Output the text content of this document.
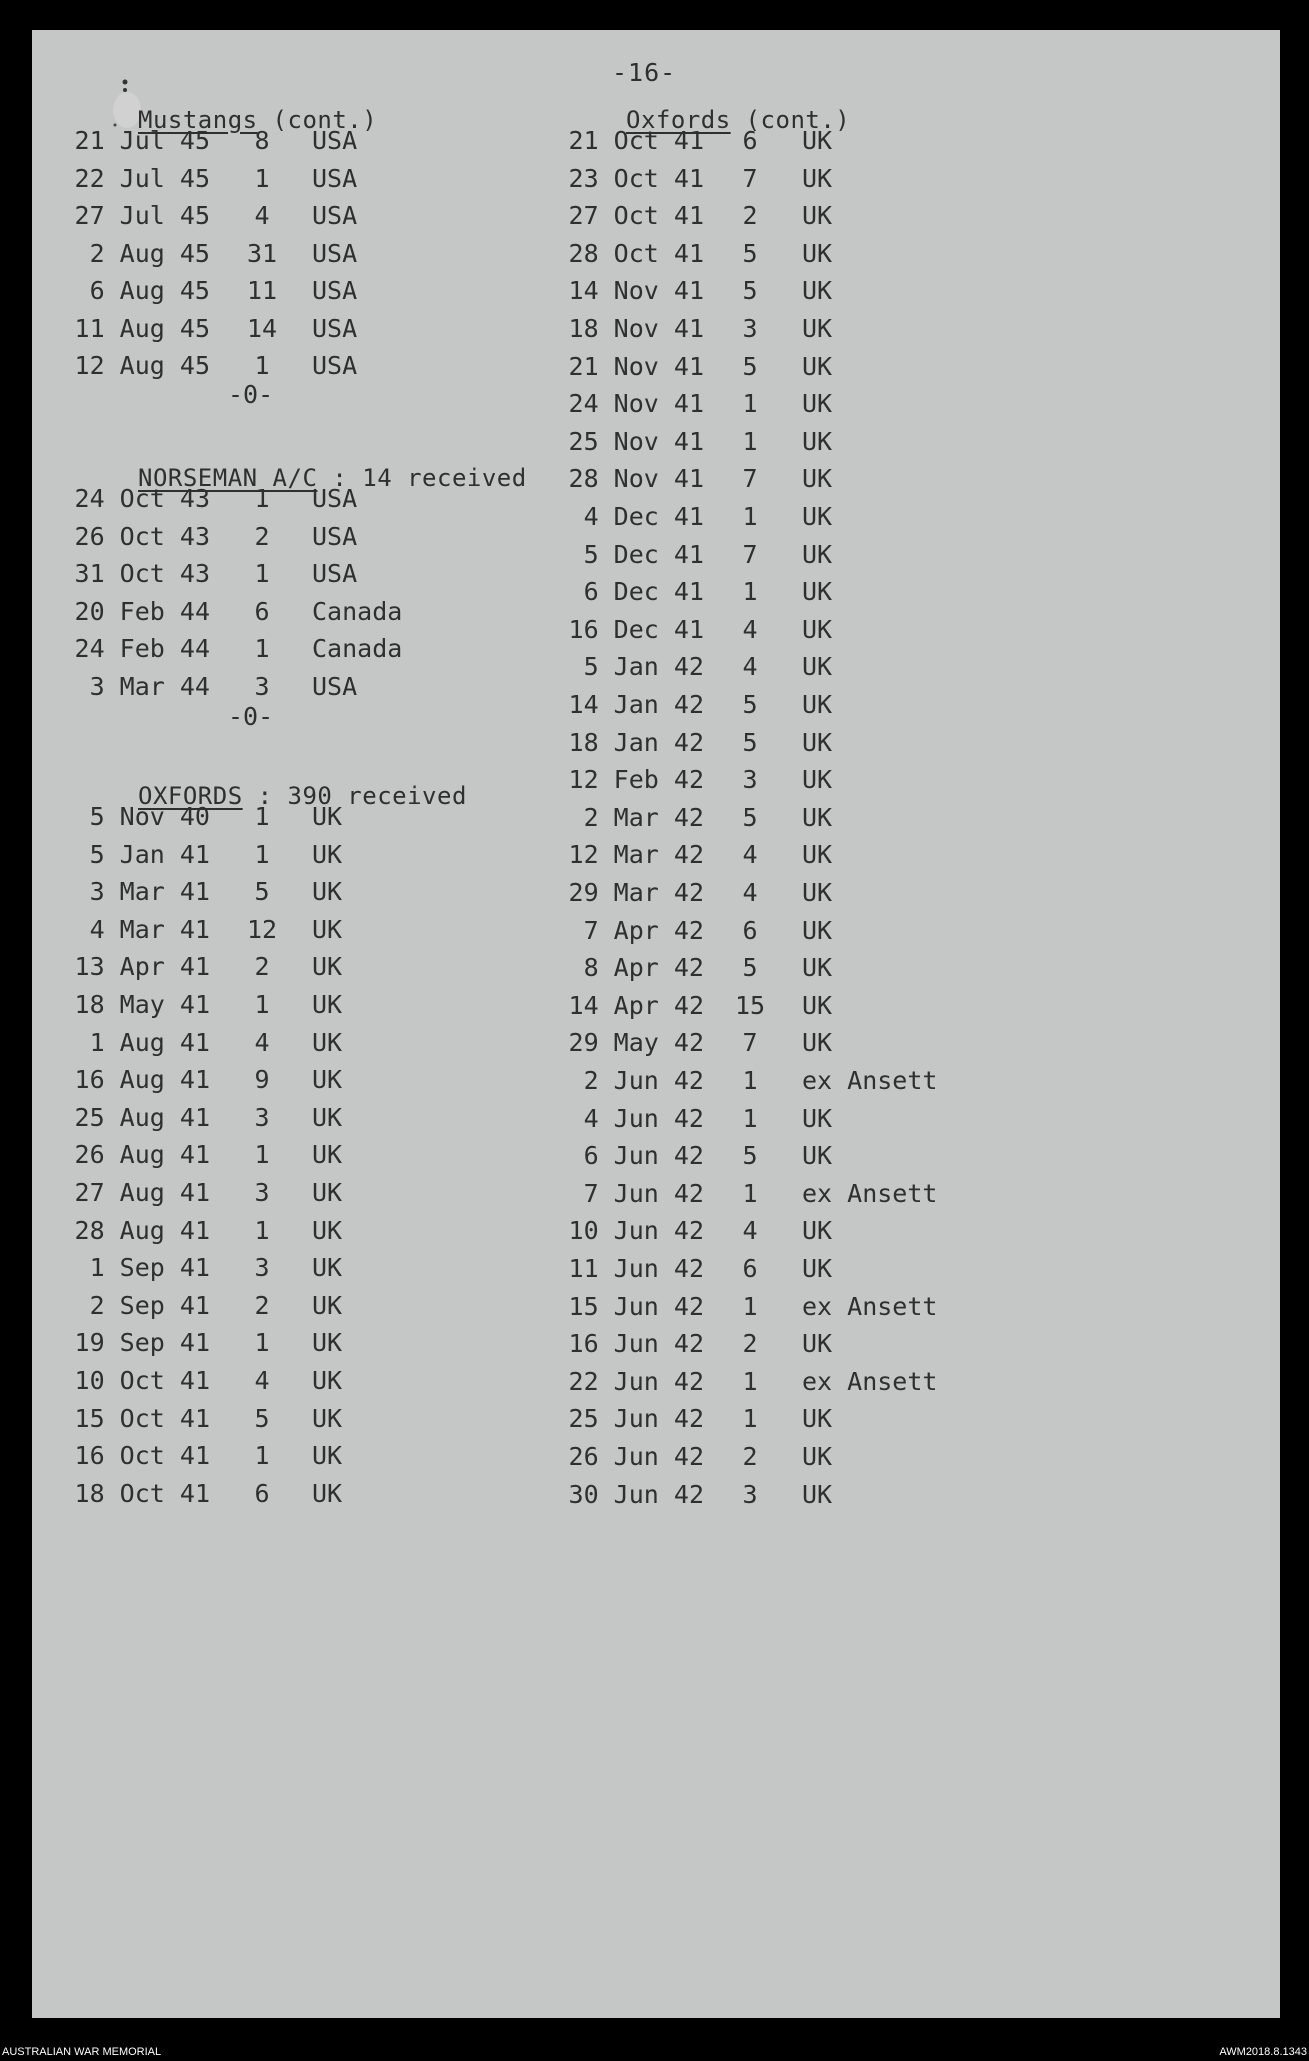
-16-
Mustangs (cont.)
21 Jul 45	8	USA
22 Jul 45	1	USA
27 Jul 45	4	USA
2 Aug 45	31	USA
6 Aug 45	11	USA
11 Aug 45	14	USA
12 Aug 45	1	USA
-0-
NORSEMAN A/C : 14 received
24 Oct 43	1	USA
26 Oct 43	2	USA
31 Oct 43	1	USA
20 Feb 44	6	Canada
24 Feb 44	1	Canada
3 Mar 44	3	USA
-0-
OXFORDS : 390 received
5 Nov 40	1	UK
5 Jan 41	1	UK
3 Mar 41	5	UK
4 Mar 41	12	UK
13 Apr 41	2	UK
18 May 41	1	UK
1 Aug 41	4	UK
16 Aug 41	9	UK
25 Aug 41	3	UK
26 Aug 41	1	UK
27 Aug 41	3	UK
28 Aug 41	1	UK
1 Sep 41	3	UK
2 Sep 41	2	UK
19 Sep 41	1	UK
10 Oct 41	4	UK
15 Oct 41	5	UK
16 Oct 41	1	UK
18 Oct 41	6	UK
Oxfords (cont.)
21 Oct 41	6	UK
23 Oct 41	7	UK
27 Oct 41	2	UK
28 Oct 41	5	UK
14 Nov 41	5	UK
18 Nov 41	3	UK
21 Nov 41	5	UK
24 Nov 41	1	UK
25 Nov 41	1	UK
28 Nov 41	7	UK
4 Dec 41	1	UK
5 Dec 41	7	UK
6 Dec 41	1	UK
16 Dec 41	4	UK
5 Jan 42	4	UK
14 Jan 42	5	UK
18 Jan 42	5	UK
12 Feb 42	3	UK
2 Mar 42	5	UK
12 Mar 42	4	UK
29 Mar 42	4	UK
7 Apr 42	6	UK
8 Apr 42	5	UK
14 Apr 42	15	UK
29 May 42	7	UK
2 Jun 42	1	ex Ansett
4 Jun 42	1	UK
6 Jun 42	5	UK
7 Jun 42	1	ex Ansett
10 Jun 42	4	UK
11 Jun 42	6	UK
15 Jun 42	1	ex Ansett
16 Jun 42	2	UK
22 Jun 42	1	ex Ansett
25 Jun 42	1	UK
26 Jun 42	2	UK
30 Jun 42	3	UK
AUSTRALIAN WAR MEMORIAL	AWM2018.8.1343
